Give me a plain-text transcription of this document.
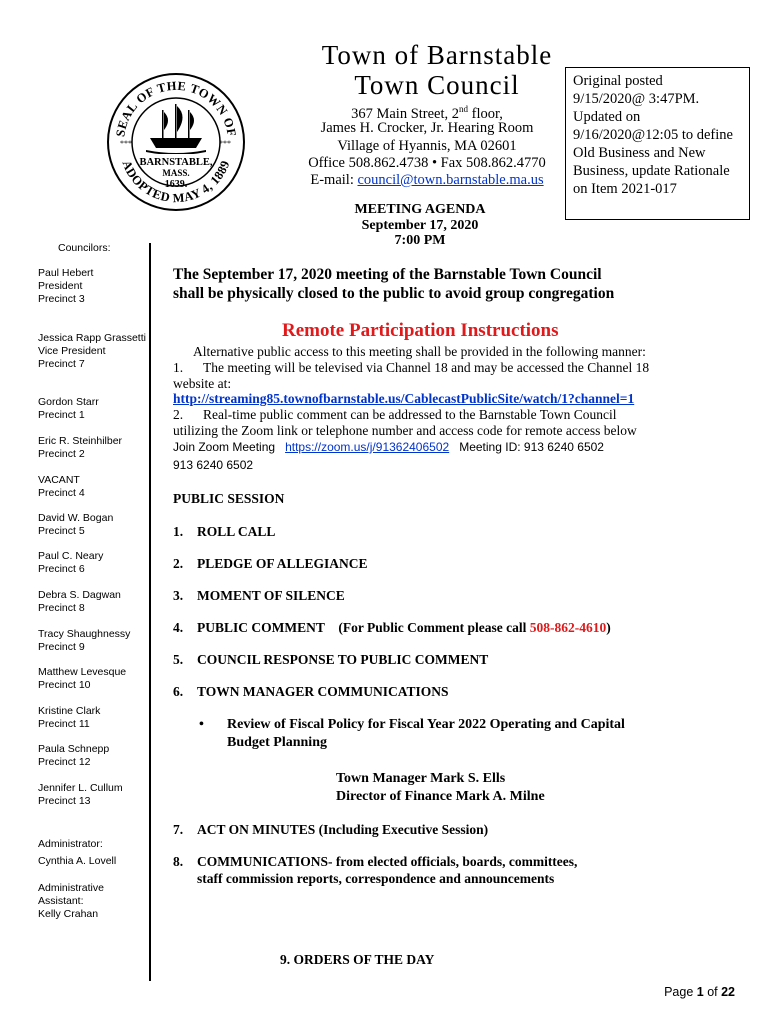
SEAL OF THE TOWN OF
ADOPTED MAY 4, 1889
***	***
BARNSTABLE,
MASS.
1639.
Town of Barnstable
Town Council
367 Main Street, 2nd floor,
James H. Crocker, Jr. Hearing Room
Village of Hyannis, MA 02601
Office 508.862.4738 • Fax 508.862.4770
E-mail: council@town.barnstable.ma.us
Original posted
9/15/2020@ 3:47PM.
Updated on
9/16/2020@12:05 to define
Old Business and New
Business, update Rationale
on Item 2021-017
MEETING AGENDA
September 17, 2020
7:00 PM
Councilors:
Paul Hebert
President
Precinct 3
Jessica Rapp Grassetti
Vice President
Precinct 7
Gordon Starr
Precinct 1
Eric R. Steinhilber
Precinct 2
VACANT
Precinct 4
David W. Bogan
Precinct 5
Paul C. Neary
Precinct 6
Debra S. Dagwan
Precinct 8
Tracy Shaughnessy
Precinct 9
Matthew Levesque
Precinct 10
Kristine Clark
Precinct 11
Paula Schnepp
Precinct 12
Jennifer L. Cullum
Precinct 13
Administrator:
Cynthia A. Lovell
Administrative
Assistant:
Kelly Crahan
The September 17, 2020 meeting of the Barnstable Town Council
shall be physically closed to the public to avoid group congregation
Remote Participation Instructions
Alternative public access to this meeting shall be provided in the following manner:
1. The meeting will be televised via Channel 18 and may be accessed the Channel 18
website at:
http://streaming85.townofbarnstable.us/CablecastPublicSite/watch/1?channel=1
2. Real-time public comment can be addressed to the Barnstable Town Council
utilizing the Zoom link or telephone number and access code for remote access below
Join Zoom Meeting https://zoom.us/j/91362406502 Meeting ID: 913 6240 6502
913 6240 6502
PUBLIC SESSION
1. ROLL CALL
2. PLEDGE OF ALLEGIANCE
3. MOMENT OF SILENCE
4. PUBLIC COMMENT (For Public Comment please call 508-862-4610)
5. COUNCIL RESPONSE TO PUBLIC COMMENT
6. TOWN MANAGER COMMUNICATIONS
• Review of Fiscal Policy for Fiscal Year 2022 Operating and Capital
Budget Planning
Town Manager Mark S. Ells
Director of Finance Mark A. Milne
7. ACT ON MINUTES (Including Executive Session)
8. COMMUNICATIONS- from elected officials, boards, committees,
staff commission reports, correspondence and announcements
9. ORDERS OF THE DAY
Page 1 of 22
